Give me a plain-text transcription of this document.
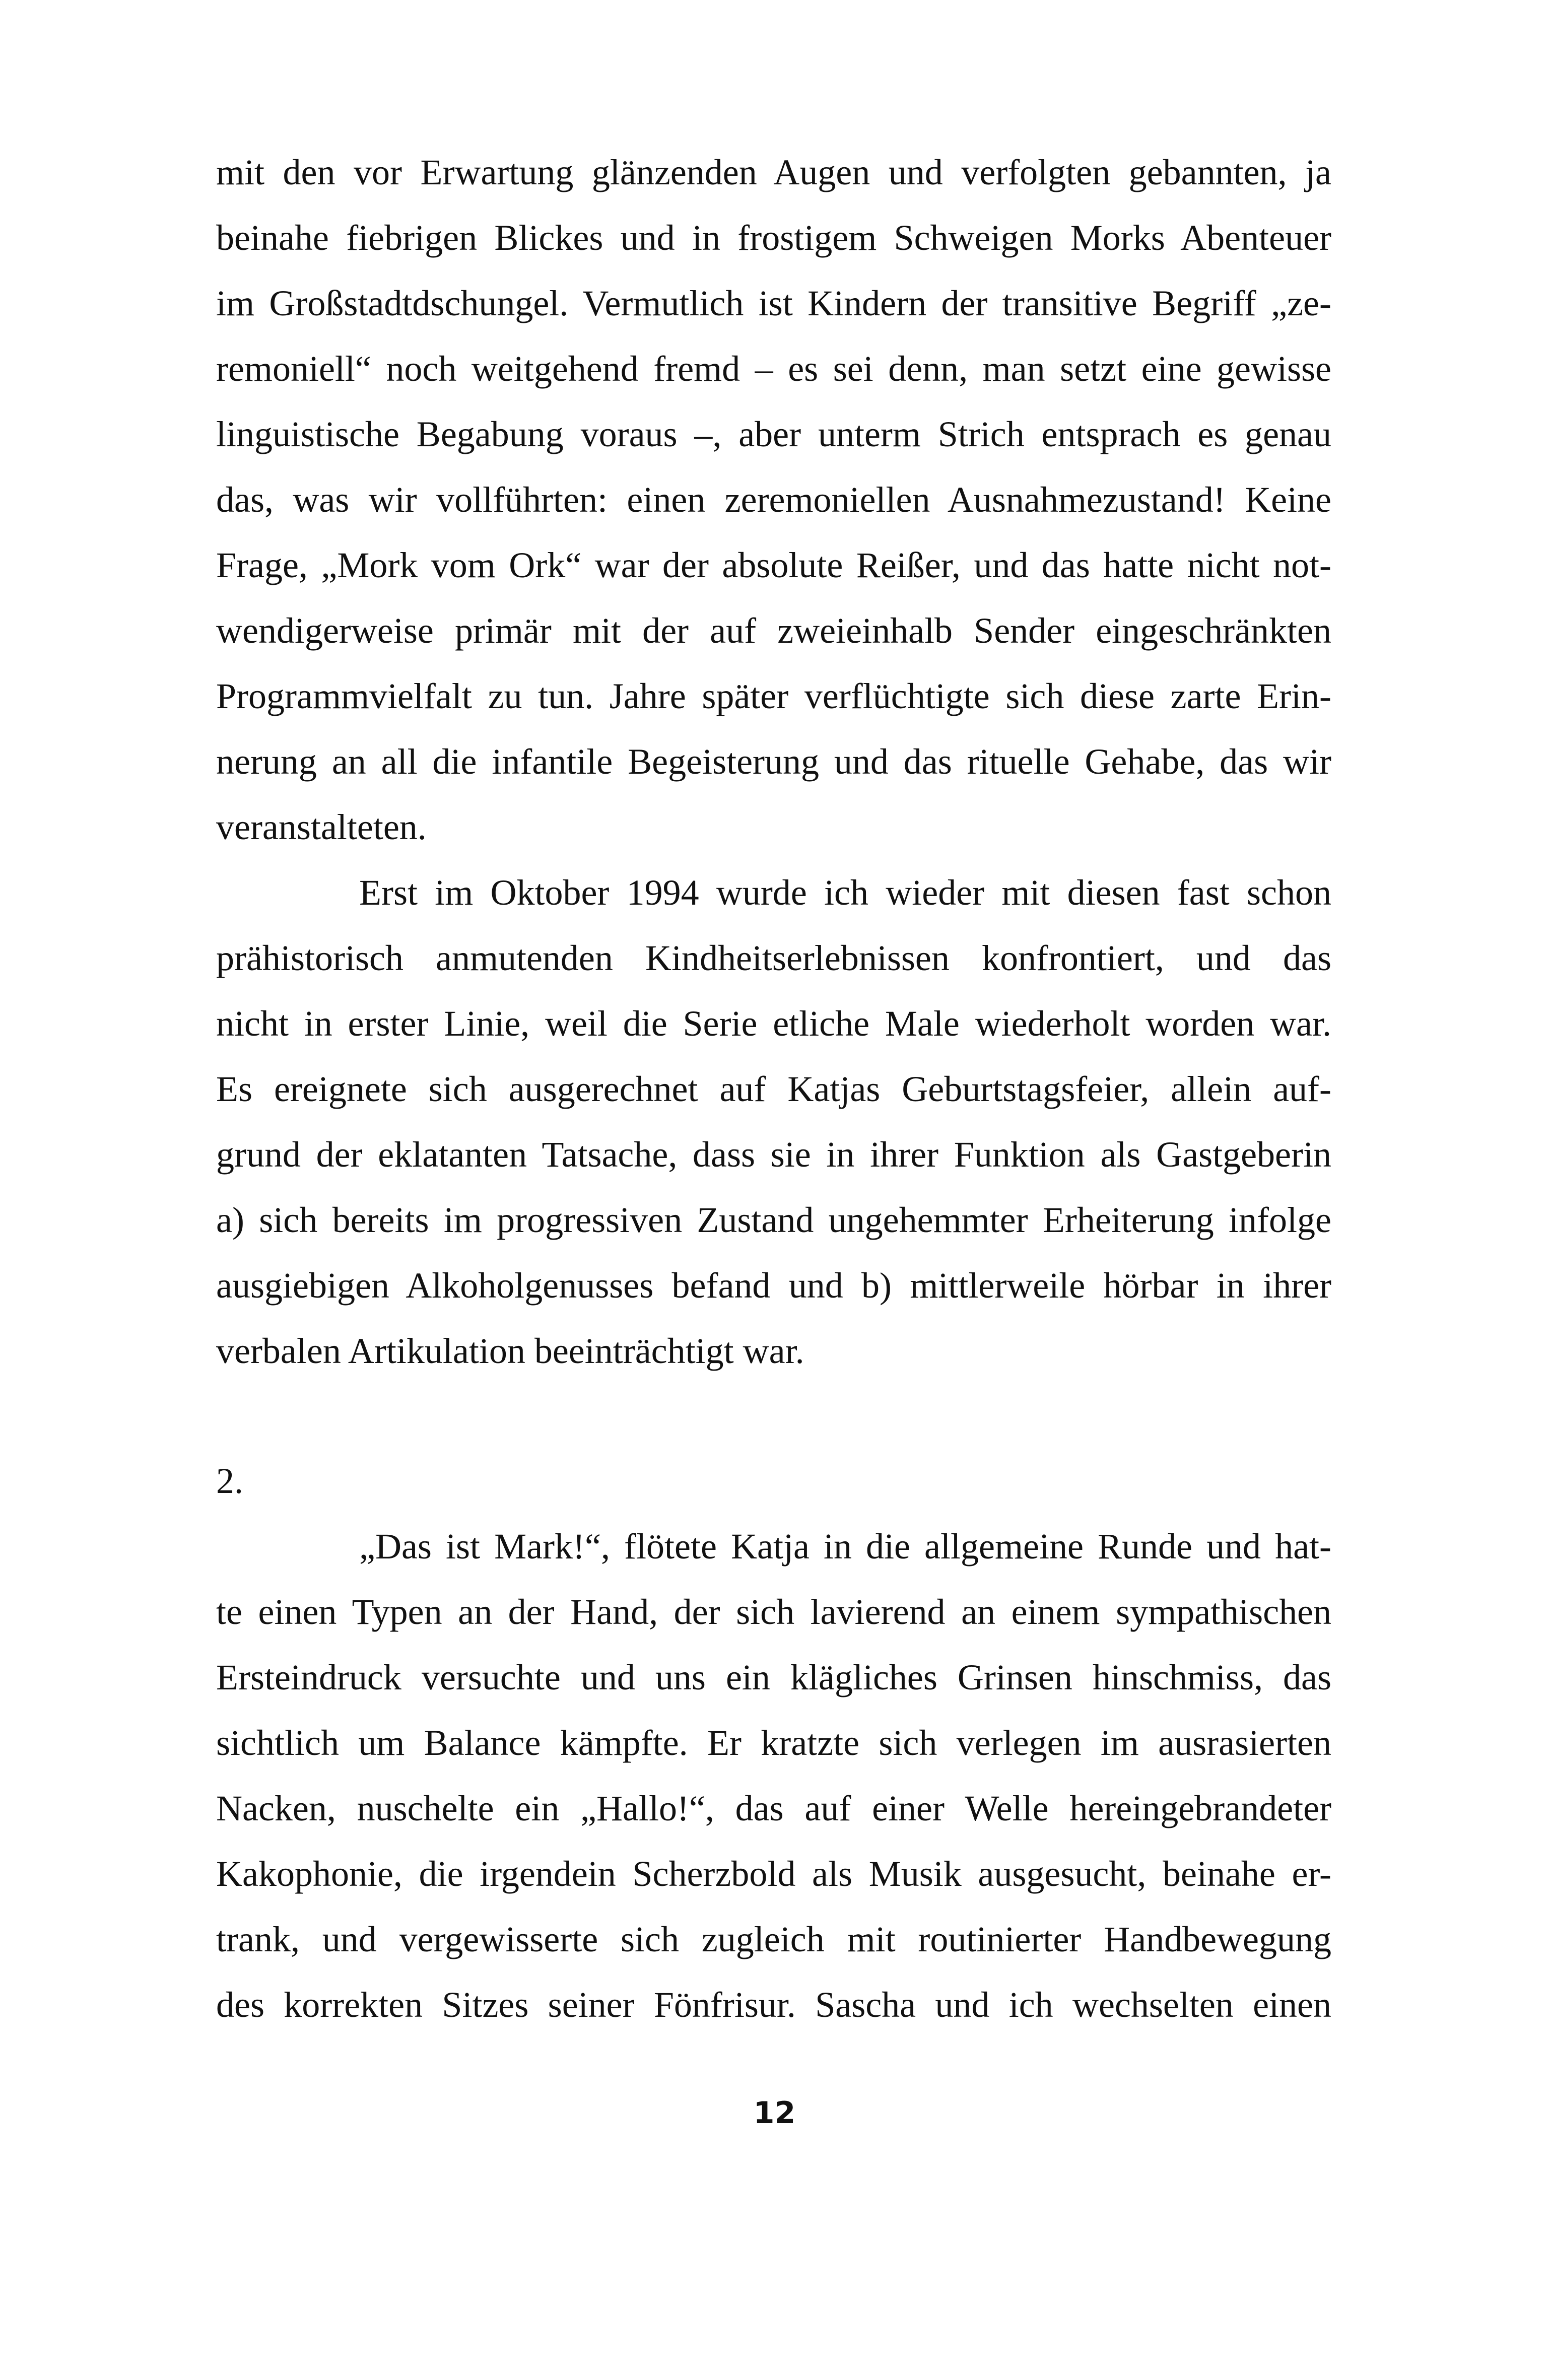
mit den vor Erwartung glänzenden Augen und verfolgten gebannten, ja
beinahe fiebrigen Blickes und in frostigem Schweigen Morks Abenteuer
im Großstadtdschungel. Vermutlich ist Kindern der transitive Begriff „ze-
remoniell“ noch weitgehend fremd – es sei denn, man setzt eine gewisse
linguistische Begabung voraus –, aber unterm Strich entsprach es genau
das, was wir vollführten: einen zeremoniellen Ausnahmezustand! Keine
Frage, „Mork vom Ork“ war der absolute Reißer, und das hatte nicht not-
wendigerweise primär mit der auf zweieinhalb Sender eingeschränkten
Programmvielfalt zu tun. Jahre später verflüchtigte sich diese zarte Erin-
nerung an all die infantile Begeisterung und das rituelle Gehabe, das wir
veranstalteten.
Erst im Oktober 1994 wurde ich wieder mit diesen fast schon
prähistorisch anmutenden Kindheitserlebnissen konfrontiert, und das
nicht in erster Linie, weil die Serie etliche Male wiederholt worden war.
Es ereignete sich ausgerechnet auf Katjas Geburtstagsfeier, allein auf-
grund der eklatanten Tatsache, dass sie in ihrer Funktion als Gastgeberin
a) sich bereits im progressiven Zustand ungehemmter Erheiterung infolge
ausgiebigen Alkoholgenusses befand und b) mittlerweile hörbar in ihrer
verbalen Artikulation beeinträchtigt war.
2.
„Das ist Mark!“, flötete Katja in die allgemeine Runde und hat-
te einen Typen an der Hand, der sich lavierend an einem sympathischen
Ersteindruck versuchte und uns ein klägliches Grinsen hinschmiss, das
sichtlich um Balance kämpfte. Er kratzte sich verlegen im ausrasierten
Nacken, nuschelte ein „Hallo!“, das auf einer Welle hereingebrandeter
Kakophonie, die irgendein Scherzbold als Musik ausgesucht, beinahe er-
trank, und vergewisserte sich zugleich mit routinierter Handbewegung
des korrekten Sitzes seiner Fönfrisur. Sascha und ich wechselten einen
12
